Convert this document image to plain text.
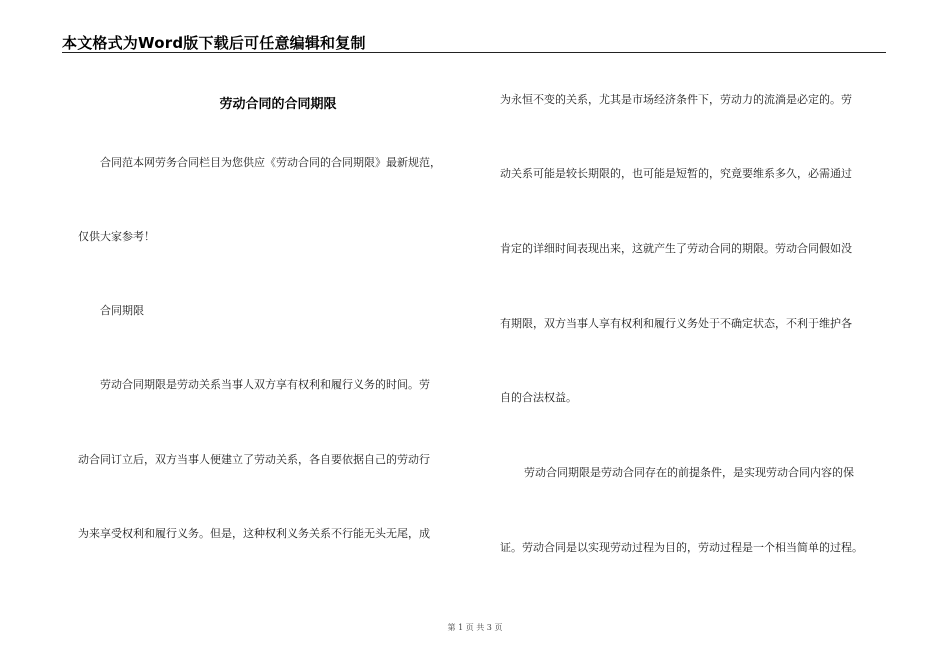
本文格式为Word版下载后可任意编辑和复制
劳动合同的合同期限
合同范本网劳务合同栏目为您供应《劳动合同的合同期限》最新规范，
仅供大家参考！
合同期限
劳动合同期限是劳动关系当事人双方享有权利和履行义务的时间。劳
动合同订立后，双方当事人便建立了劳动关系，各自要依据自己的劳动行
为来享受权利和履行义务。但是，这种权利义务关系不行能无头无尾，成
为永恒不变的关系，尤其是市场经济条件下，劳动力的流淌是必定的。劳
动关系可能是较长期限的，也可能是短暂的，究竟要维系多久，必需通过
肯定的详细时间表现出来，这就产生了劳动合同的期限。劳动合同假如没
有期限，双方当事人享有权利和履行义务处于不确定状态，不利于维护各
自的合法权益。
劳动合同期限是劳动合同存在的前提条件，是实现劳动合同内容的保
证。劳动合同是以实现劳动过程为目的，劳动过程是一个相当简单的过程。
第 1 页 共 3 页
